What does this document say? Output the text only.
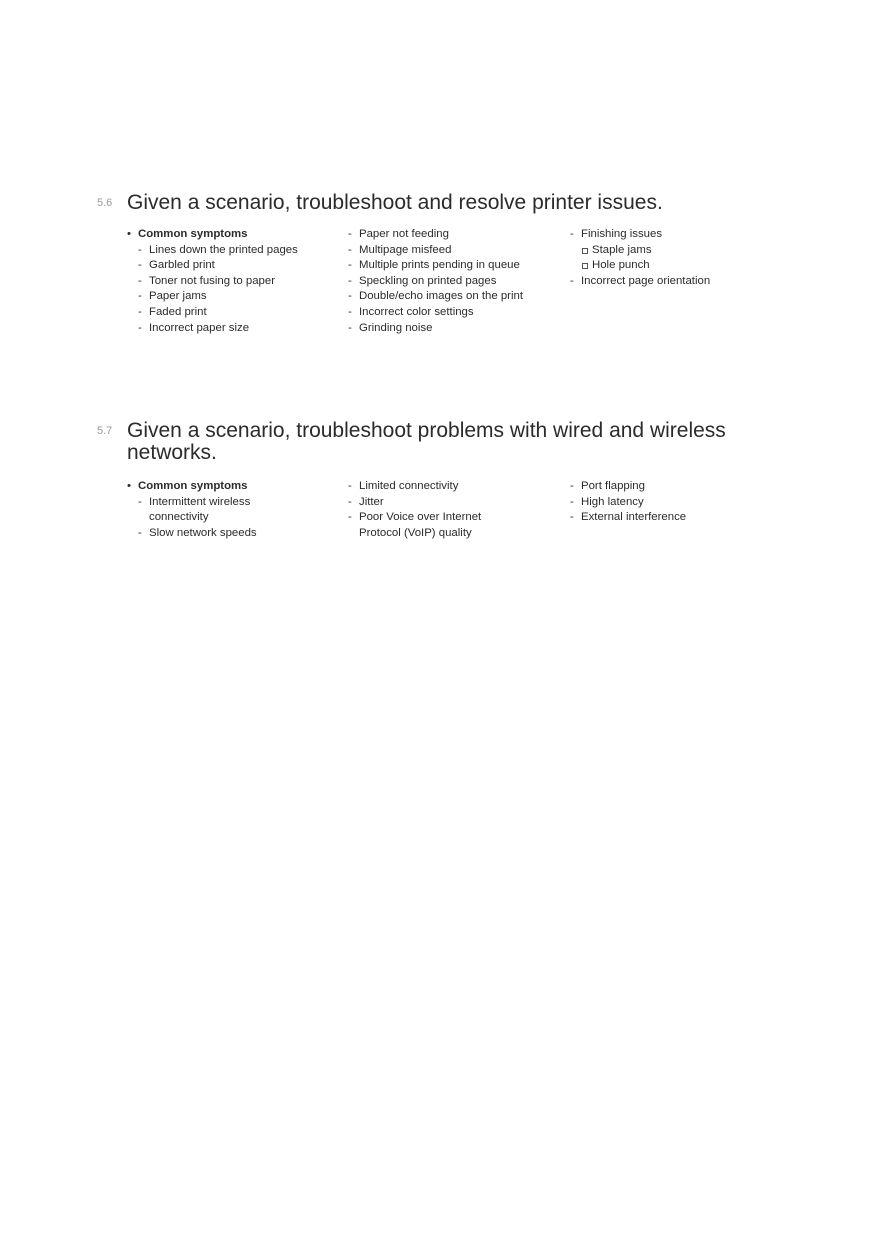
5.6 Given a scenario, troubleshoot and resolve printer issues.
• Common symptoms
- Lines down the printed pages
- Garbled print
- Toner not fusing to paper
- Paper jams
- Faded print
- Incorrect paper size
- Paper not feeding
- Multipage misfeed
- Multiple prints pending in queue
- Speckling on printed pages
- Double/echo images on the print
- Incorrect color settings
- Grinding noise
- Finishing issues
Staple jams
Hole punch
- Incorrect page orientation
5.7 Given a scenario, troubleshoot problems with wired and wireless networks.
• Common symptoms
- Intermittent wireless connectivity
- Slow network speeds
- Limited connectivity
- Jitter
- Poor Voice over Internet Protocol (VoIP) quality
- Port flapping
- High latency
- External interference
